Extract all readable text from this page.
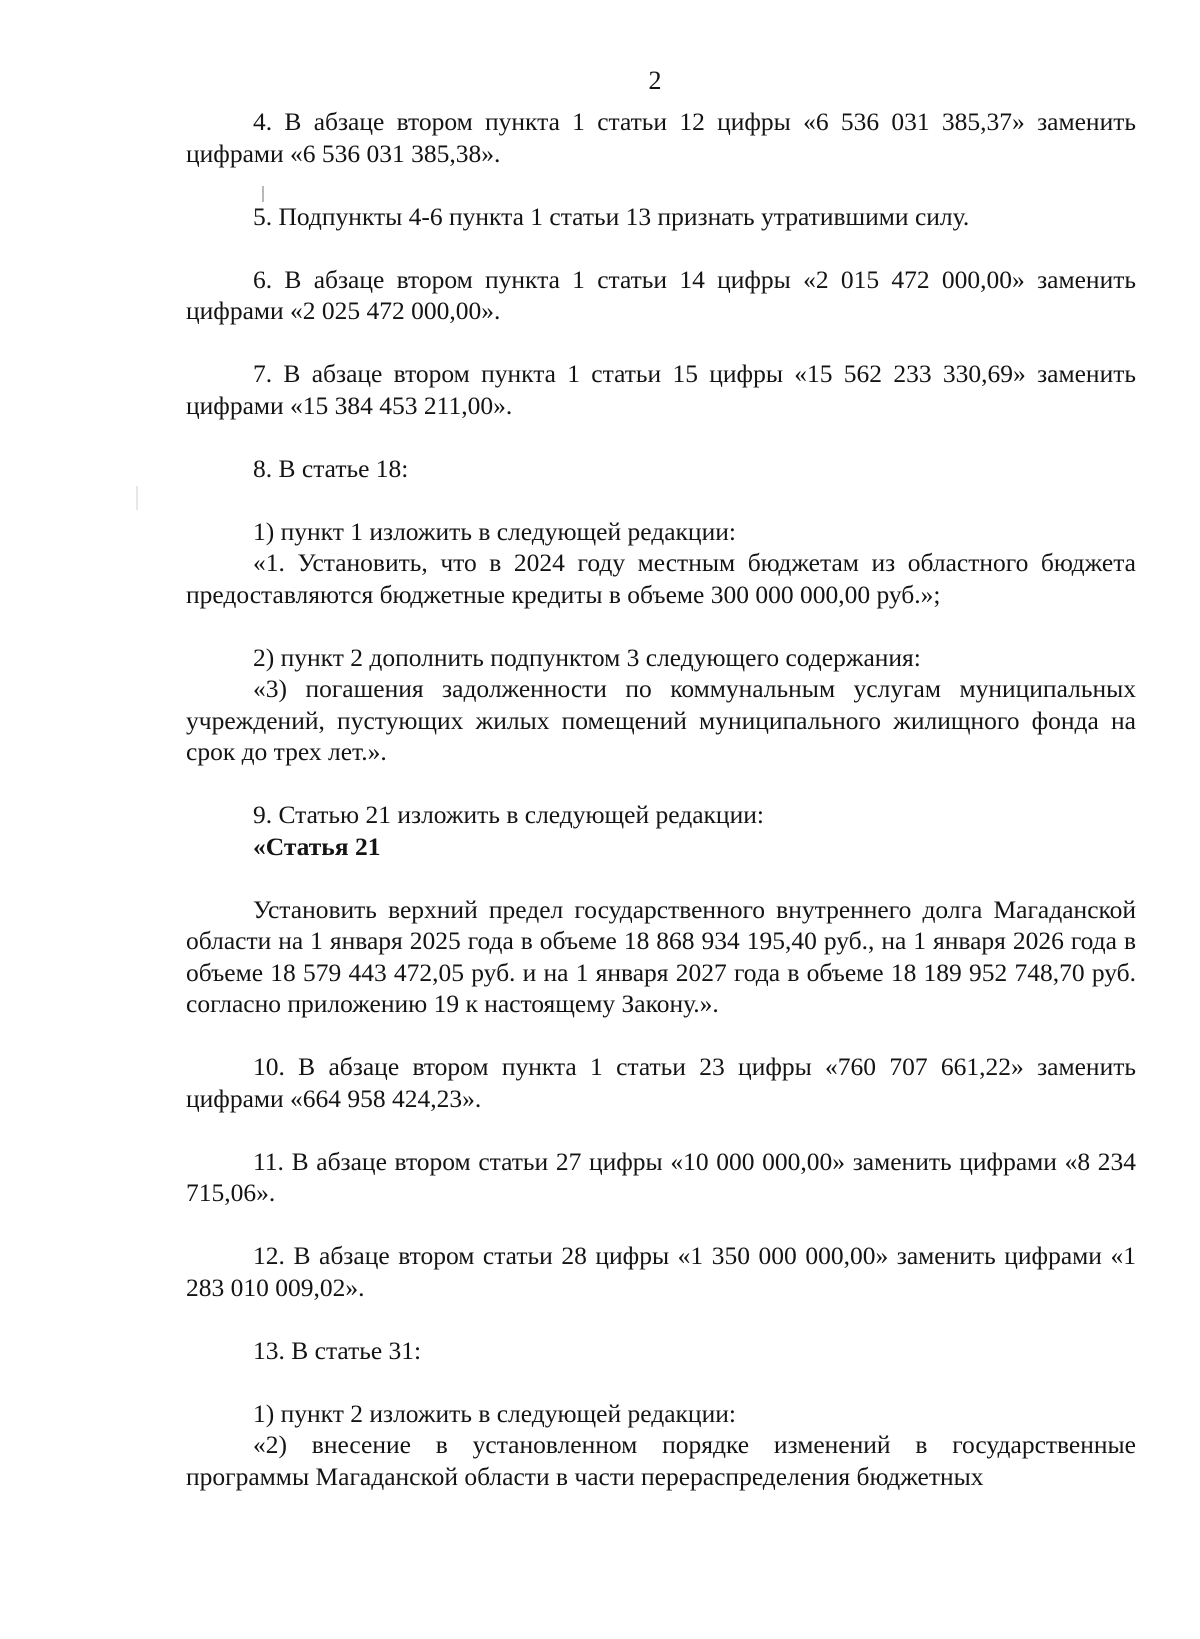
2

4. В абзаце втором пункта 1 статьи 12 цифры «6 536 031 385,37» заменить цифрами «6 536 031 385,38».

5. Подпункты 4-6 пункта 1 статьи 13 признать утратившими силу.

6. В абзаце втором пункта 1 статьи 14 цифры «2 015 472 000,00» заменить цифрами «2 025 472 000,00».

7. В абзаце втором пункта 1 статьи 15 цифры «15 562 233 330,69» заменить цифрами «15 384 453 211,00».

8. В статье 18:

1) пункт 1 изложить в следующей редакции:

«1. Установить, что в 2024 году местным бюджетам из областного бюджета предоставляются бюджетные кредиты в объеме 300 000 000,00 руб.»;

2) пункт 2 дополнить подпунктом 3 следующего содержания:

«3) погашения задолженности по коммунальным услугам муниципальных учреждений, пустующих жилых помещений муниципального жилищного фонда на срок до трех лет.».

9. Статью 21 изложить в следующей редакции:

«Статья 21

Установить верхний предел государственного внутреннего долга Магаданской области на 1 января 2025 года в объеме 18 868 934 195,40 руб., на 1 января 2026 года в объеме 18 579 443 472,05 руб. и на 1 января 2027 года в объеме 18 189 952 748,70 руб. согласно приложению 19 к настоящему Закону.».

10. В абзаце втором пункта 1 статьи 23 цифры «760 707 661,22» заменить цифрами «664 958 424,23».

11. В абзаце втором статьи 27 цифры «10 000 000,00» заменить цифрами «8 234 715,06».

12. В абзаце втором статьи 28 цифры «1 350 000 000,00» заменить цифрами «1 283 010 009,02».

13. В статье 31:

1) пункт 2 изложить в следующей редакции:

«2) внесение в установленном порядке изменений в государственные программы Магаданской области в части перераспределения бюджетных
